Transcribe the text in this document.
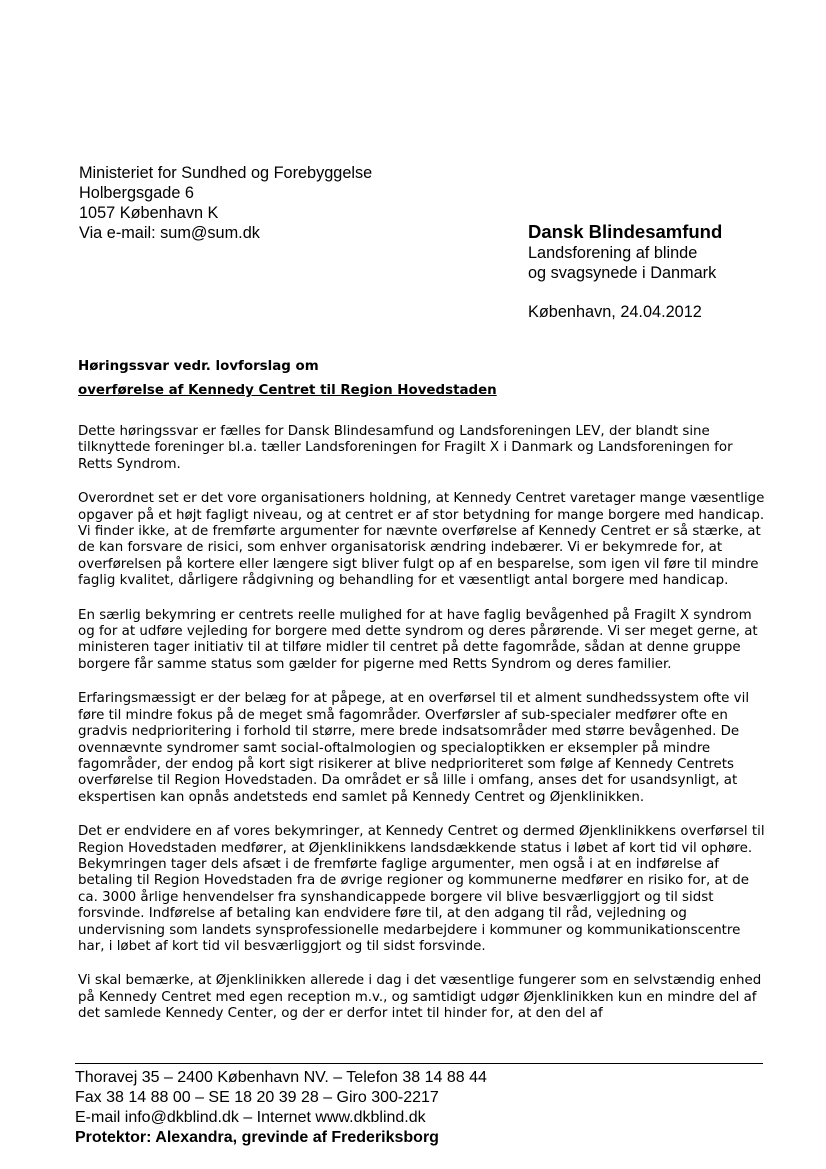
Ministeriet for Sundhed og Forebyggelse
Holbergsgade 6
1057 København K
Via e-mail: sum@sum.dk	Dansk Blindesamfund
Landsforening af blinde
og svagsynede i Danmark
København, 24.04.2012
Høringssvar vedr. lovforslag om
overførelse af Kennedy Centret til Region Hovedstaden

Dette høringssvar er fælles for Dansk Blindesamfund og Landsforeningen LEV, der blandt sine tilknyttede foreninger bl.a. tæller Landsforeningen for Fragilt X i Danmark og Landsforeningen for Retts Syndrom.

Overordnet set er det vore organisationers holdning, at Kennedy Centret varetager mange væsentlige opgaver på et højt fagligt niveau, og at centret er af stor betydning for mange borgere med handicap. Vi finder ikke, at de fremførte argumenter for nævnte overførelse af Kennedy Centret er så stærke, at de kan forsvare de risici, som enhver organisatorisk ændring indebærer. Vi er bekymrede for, at overførelsen på kortere eller længere sigt bliver fulgt op af en besparelse, som igen vil føre til mindre faglig kvalitet, dårligere rådgivning og behandling for et væsentligt antal borgere med handicap.

En særlig bekymring er centrets reelle mulighed for at have faglig bevågenhed på Fragilt X syndrom og for at udføre vejleding for borgere med dette syndrom og deres pårørende. Vi ser meget gerne, at ministeren tager initiativ til at tilføre midler til centret på dette fagområde, sådan at denne gruppe borgere får samme status som gælder for pigerne med Retts Syndrom og deres familier.

Erfaringsmæssigt er der belæg for at påpege, at en overførsel til et alment sundhedssystem ofte vil føre til mindre fokus på de meget små fagområder. Overførsler af sub-specialer medfører ofte en gradvis nedprioritering i forhold til større, mere brede indsatsområder med større bevågenhed. De ovennævnte syndromer samt social-oftalmologien og specialoptikken er eksempler på mindre fagområder, der endog på kort sigt risikerer at blive nedprioriteret som følge af Kennedy Centrets overførelse til Region Hovedstaden. Da området er så lille i omfang, anses det for usandsynligt, at ekspertisen kan opnås andetsteds end samlet på Kennedy Centret og Øjenklinikken.

Det er endvidere en af vores bekymringer, at Kennedy Centret og dermed Øjenklinikkens overførsel til Region Hovedstaden medfører, at Øjenklinikkens landsdækkende status i løbet af kort tid vil ophøre. Bekymringen tager dels afsæt i de fremførte faglige argumenter, men også i at en indførelse af betaling til Region Hovedstaden fra de øvrige regioner og kommunerne medfører en risiko for, at de ca. 3000 årlige henvendelser fra synshandicappede borgere vil blive besværliggjort og til sidst forsvinde. Indførelse af betaling kan endvidere føre til, at den adgang til råd, vejledning og undervisning som landets synsprofessionelle medarbejdere i kommuner og kommunikationscentre har, i løbet af kort tid vil besværliggjort og til sidst forsvinde.

Vi skal bemærke, at Øjenklinikken allerede i dag i det væsentlige fungerer som en selvstændig enhed på Kennedy Centret med egen reception m.v., og samtidigt udgør Øjenklinikken kun en mindre del af det samlede Kennedy Center, og der er derfor intet til hinder for, at den del af

Thoravej 35 – 2400 København NV. – Telefon 38 14 88 44
Fax 38 14 88 00 – SE 18 20 39 28 – Giro 300-2217
E-mail info@dkblind.dk – Internet www.dkblind.dk
Protektor: Alexandra, grevinde af Frederiksborg
